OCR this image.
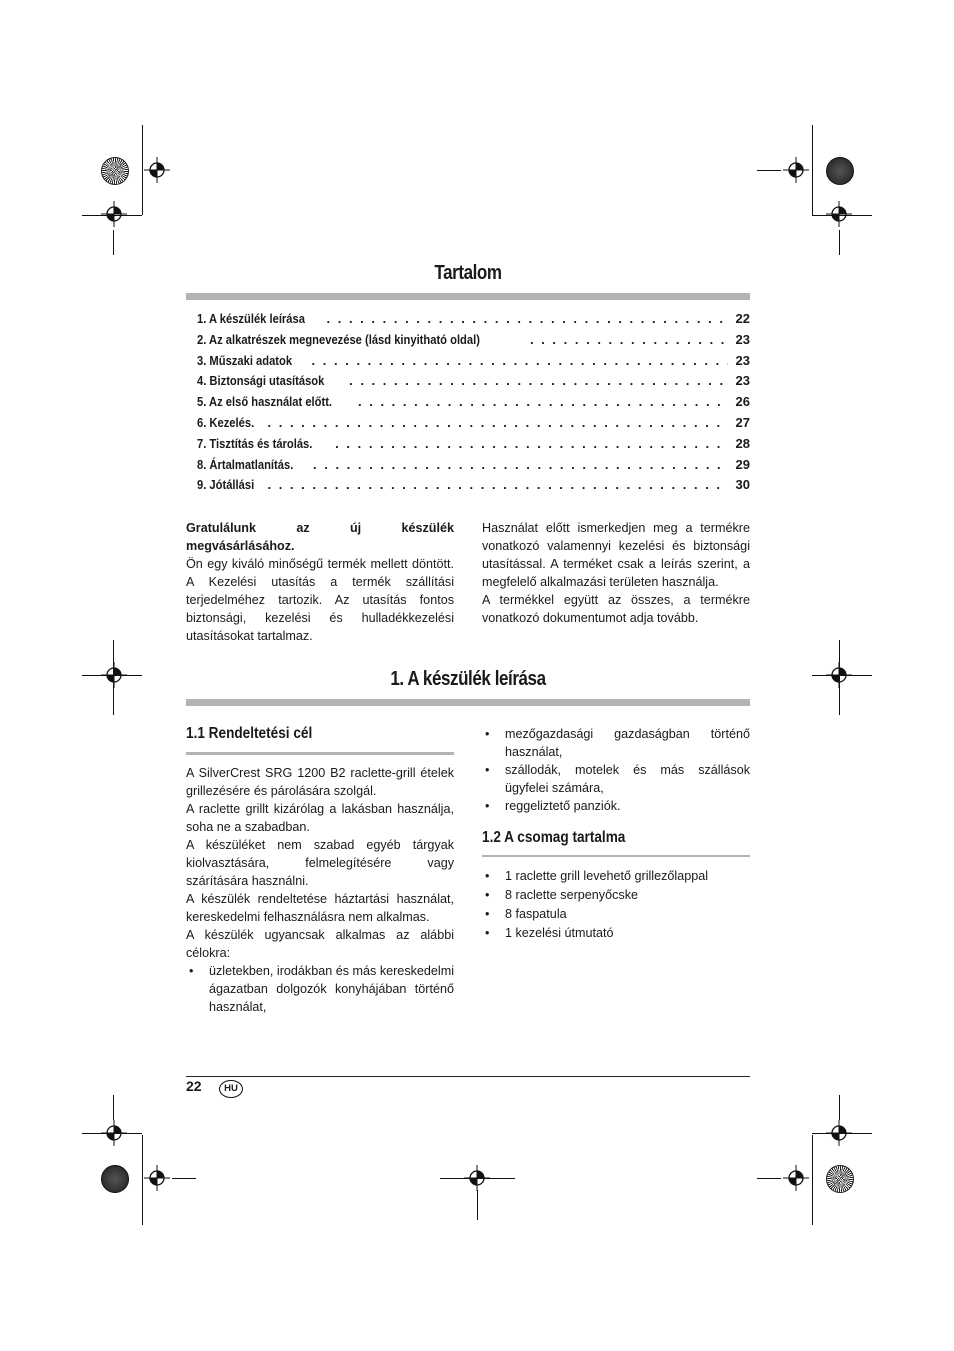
Tartalom
1. A készülék leírása . . .	22
2. Az alkatrészek megnevezése (lásd kinyitható oldal) . . .	23
3. Műszaki adatok . . .	23
4. Biztonsági utasítások . . .	23
5. Az első használat előtt. . . .	26
6. Kezelés. . . .	27
7. Tisztítás és tárolás. . . .	28
8. Ártalmatlanítás. . . .	29
9. Jótállási . . .	30

Gratulálunk az új készülék megvásárlásához.

Ön egy kiváló minőségű termék mellett döntött. A Kezelési utasítás a termék szállítási terjedelméhez tartozik. Az utasítás fontos biztonsági, kezelési és hulladékkezelési utasításokat tartalmaz.

Használat előtt ismerkedjen meg a termékre vonatkozó valamennyi kezelési és biztonsági utasítással. A terméket csak a leírás szerint, a megfelelő alkalmazási területen használja.

A termékkel együtt az összes, a termékre vonatkozó dokumentumot adja tovább.

1. A készülék leírása
1.1 Rendeltetési cél

A SilverCrest SRG 1200 B2 raclette-grill ételek grillezésére és párolására szolgál.

A raclette grillt kizárólag a lakásban használja, soha ne a szabadban.

A készüléket nem szabad egyéb tárgyak kiolvasztására, felmelegítésére vagy szárítására használni.

A készülék rendeltetése háztartási használat, kereskedelmi felhasználásra nem alkalmas.

A készülék ugyancsak alkalmas az alábbi célokra:

• üzletekben, irodákban és más kereskedelmi ágazatban dolgozók konyhájában történő használat,
• mezőgazdasági gazdaságban történő használat,
• szállodák, motelek és más szállások ügyfelei számára,
• reggeliztető panziók.
1.2 A csomag tartalma
• 1 raclette grill levehető grillezőlappal
• 8 raclette serpenyőcske
• 8 faspatula
• 1 kezelési útmutató
22	HU
